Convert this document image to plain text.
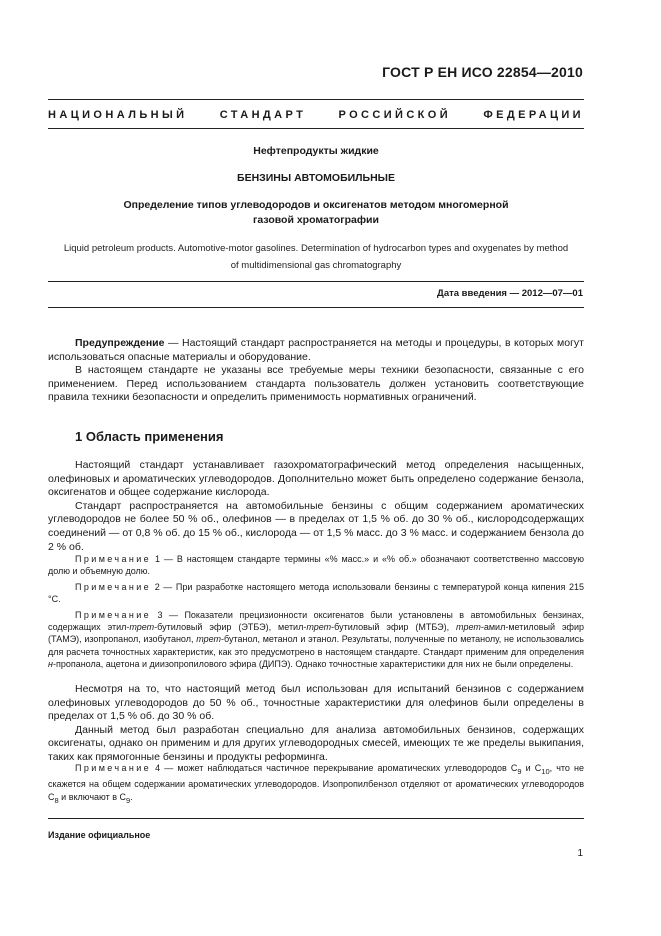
ГОСТ Р ЕН ИСО 22854—2010
НАЦИОНАЛЬНЫЙ СТАНДАРТ РОССИЙСКОЙ ФЕДЕРАЦИИ
Нефтепродукты жидкие
БЕНЗИНЫ АВТОМОБИЛЬНЫЕ
Определение типов углеводородов и оксигенатов методом многомерной
газовой хроматографии
Liquid petroleum products. Automotive-motor gasolines. Determination of hydrocarbon types and oxygenates by method
of multidimensional gas chromatography
Дата введения — 2012—07—01

Предупреждение — Настоящий стандарт распространяется на методы и процедуры, в которых могут использоваться опасные материалы и оборудование.

В настоящем стандарте не указаны все требуемые меры техники безопасности, связанные с его применением. Перед использованием стандарта пользователь должен установить соответствующие правила техники безопасности и определить применимость нормативных ограничений.

1 Область применения

Настоящий стандарт устанавливает газохроматографический метод определения насыщенных, олефиновых и ароматических углеводородов. Дополнительно может быть определено содержание бензола, оксигенатов и общее содержание кислорода.

Стандарт распространяется на автомобильные бензины с общим содержанием ароматических углеводородов не более 50 % об., олефинов — в пределах от 1,5 % об. до 30 % об., кислородсодержащих соединений — от 0,8 % об. до 15 % об., кислорода — от 1,5 % масс. до 3 % масс. и содержанием бензола до 2 % об.

Примечание 1 — В настоящем стандарте термины «% масс.» и «% об.» обозначают соответственно массовую долю и объемную долю.

Примечание 2 — При разработке настоящего метода использовали бензины с температурой конца кипения 215 °С.

Примечание 3 — Показатели прецизионности оксигенатов были установлены в автомобильных бензинах, содержащих этил-трет-бутиловый эфир (ЭТБЭ), метил-трет-бутиловый эфир (МТБЭ), трет-амил-метиловый эфир (ТАМЭ), изопропанол, изобутанол, трет-бутанол, метанол и этанол. Результаты, полученные по метанолу, не использовались для расчета точностных характеристик, как это предусмотрено в настоящем стандарте. Стандарт применим для определения н-пропанола, ацетона и диизопропилового эфира (ДИПЭ). Однако точностные характеристики для них не были определены.

Несмотря на то, что настоящий метод был использован для испытаний бензинов с содержанием олефиновых углеводородов до 50 % об., точностные характеристики для олефинов были определены в пределах от 1,5 % об. до 30 % об.

Данный метод был разработан специально для анализа автомобильных бензинов, содержащих оксигенаты, однако он применим и для других углеводородных смесей, имеющих те же пределы выкипания, таких как прямогонные бензины и продукты реформинга.

Примечание 4 — может наблюдаться частичное перекрывание ароматических углеводородов $С_9$ и $С_{10}$, что не скажется на общем содержании ароматических углеводородов. Изопропилбензол отделяют от ароматических углеводородов $С_8$ и включают в $С_9$.

Издание официальное
1
